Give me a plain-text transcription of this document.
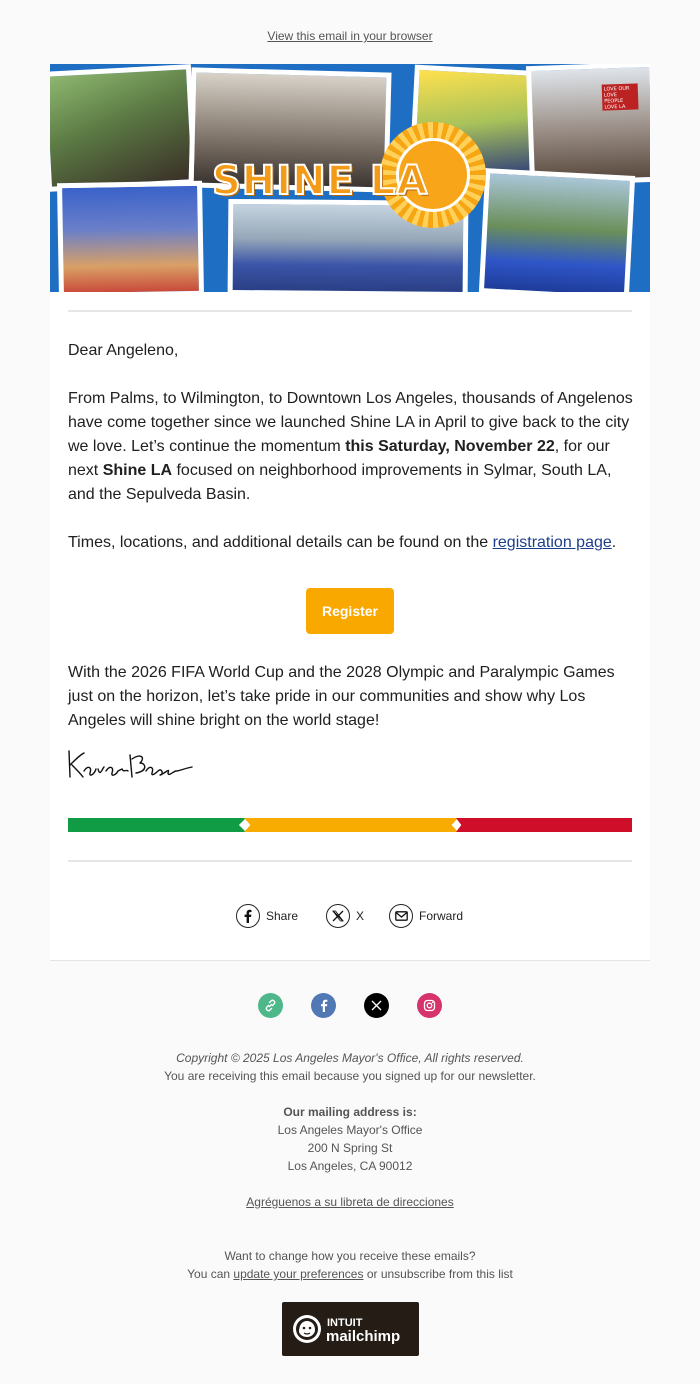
View this email in your browser
LOVE OUR LOVE PEOPLE LOVE LA
SHINE LA
Dear Angeleno,
From Palms, to Wilmington, to Downtown Los Angeles, thousands of Angelenos have come together since we launched Shine LA in April to give back to the city we love. Let’s continue the momentum this Saturday, November 22, for our next Shine LA focused on neighborhood improvements in Sylmar, South LA, and the Sepulveda Basin.
Times, locations, and additional details can be found on the registration page.
Register
With the 2026 FIFA World Cup and the 2028 Olympic and Paralympic Games just on the horizon, let’s take pride in our communities and show why Los Angeles will shine bright on the world stage!
Share	X	Forward
Copyright © 2025 Los Angeles Mayor's Office, All rights reserved.
You are receiving this email because you signed up for our newsletter.
Our mailing address is:
Los Angeles Mayor's Office
200 N Spring St
Los Angeles, CA 90012
Agréguenos a su libreta de direcciones
Want to change how you receive these emails?
You can update your preferences or unsubscribe from this list
INTUIT
mailchimp
